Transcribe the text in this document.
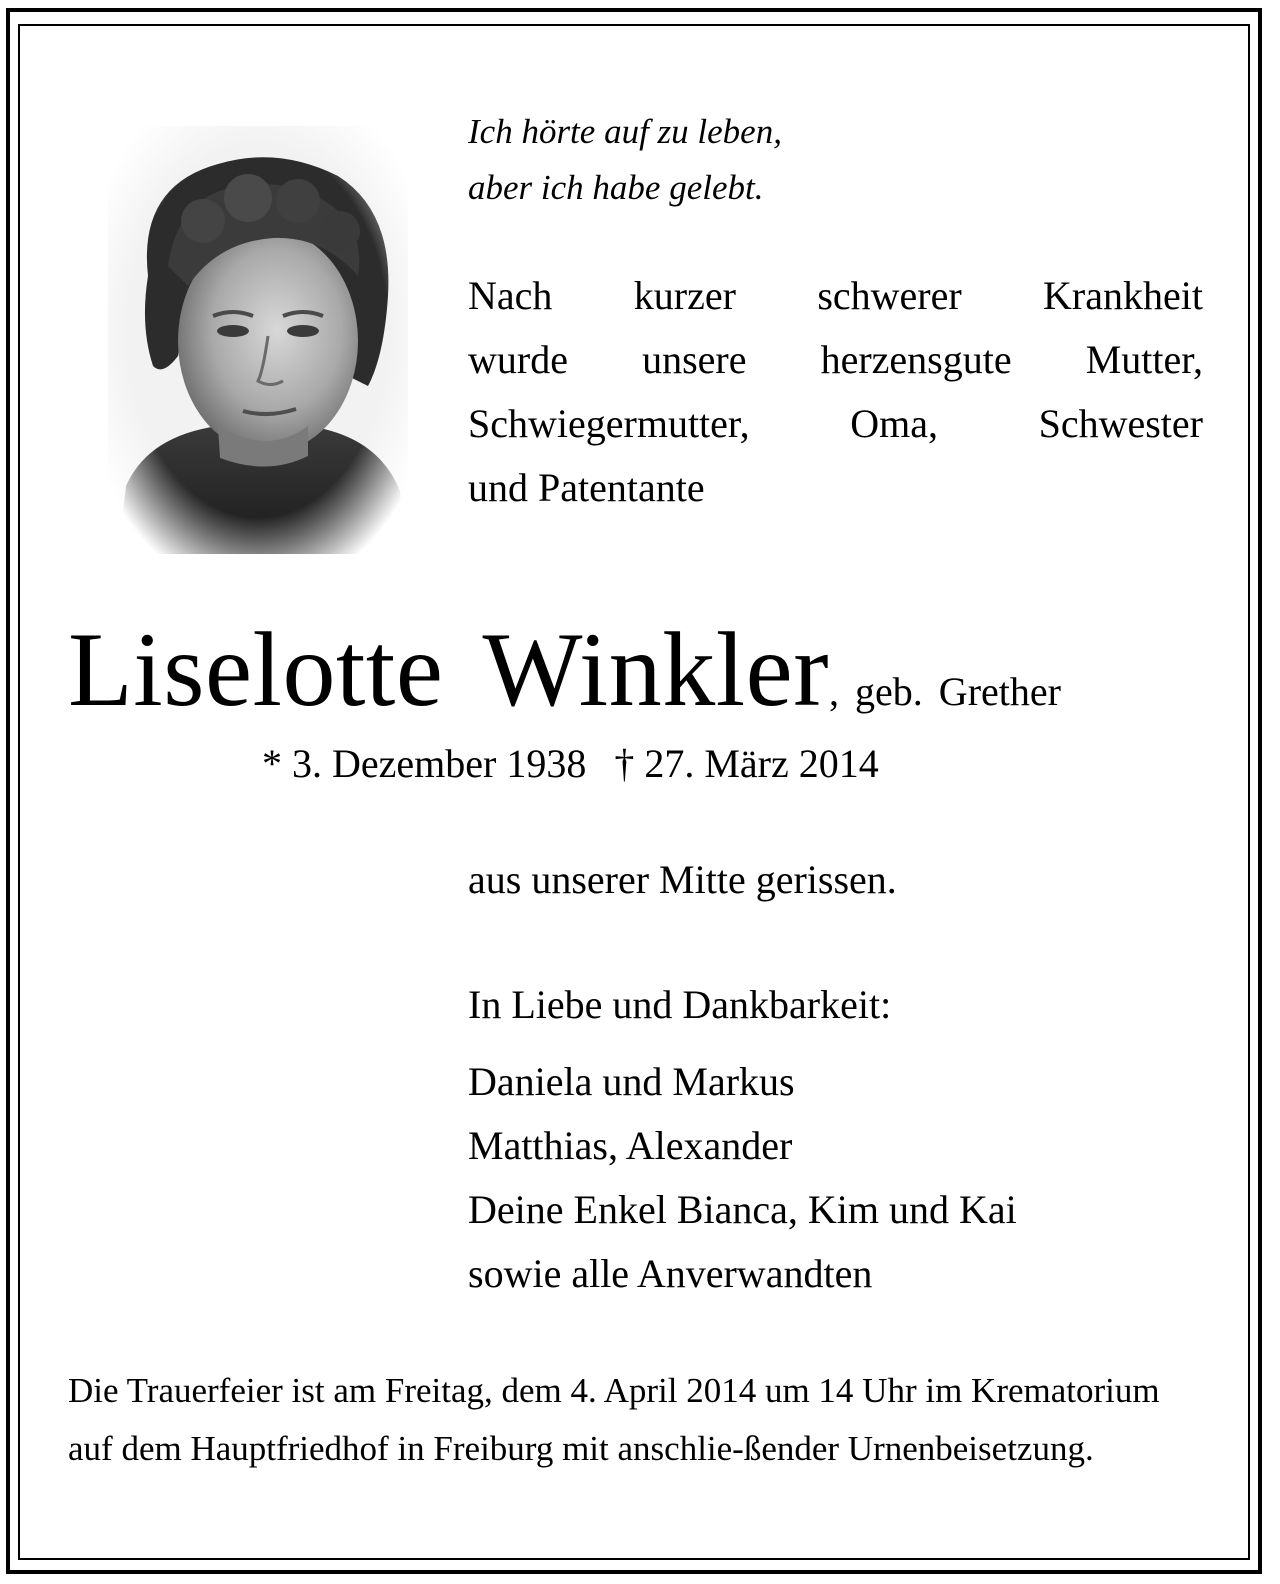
Ich hörte auf zu leben,
aber ich habe gelebt.
Nach kurzer schwerer Krankheit
wurde unsere herzensgute Mutter,
Schwiegermutter,	Oma,	Schwester
und Patentante
Liselotte Winkler, geb. Grether
* 3. Dezember 1938 † 27. März 2014
aus unserer Mitte gerissen.
In Liebe und Dankbarkeit:
Daniela und Markus
Matthias, Alexander
Deine Enkel Bianca, Kim und Kai
sowie alle Anverwandten
Die Trauerfeier ist am Freitag, dem 4. April 2014 um 14 Uhr im Krematorium auf dem Hauptfriedhof in Freiburg mit anschlie-ßender Urnenbeisetzung.
